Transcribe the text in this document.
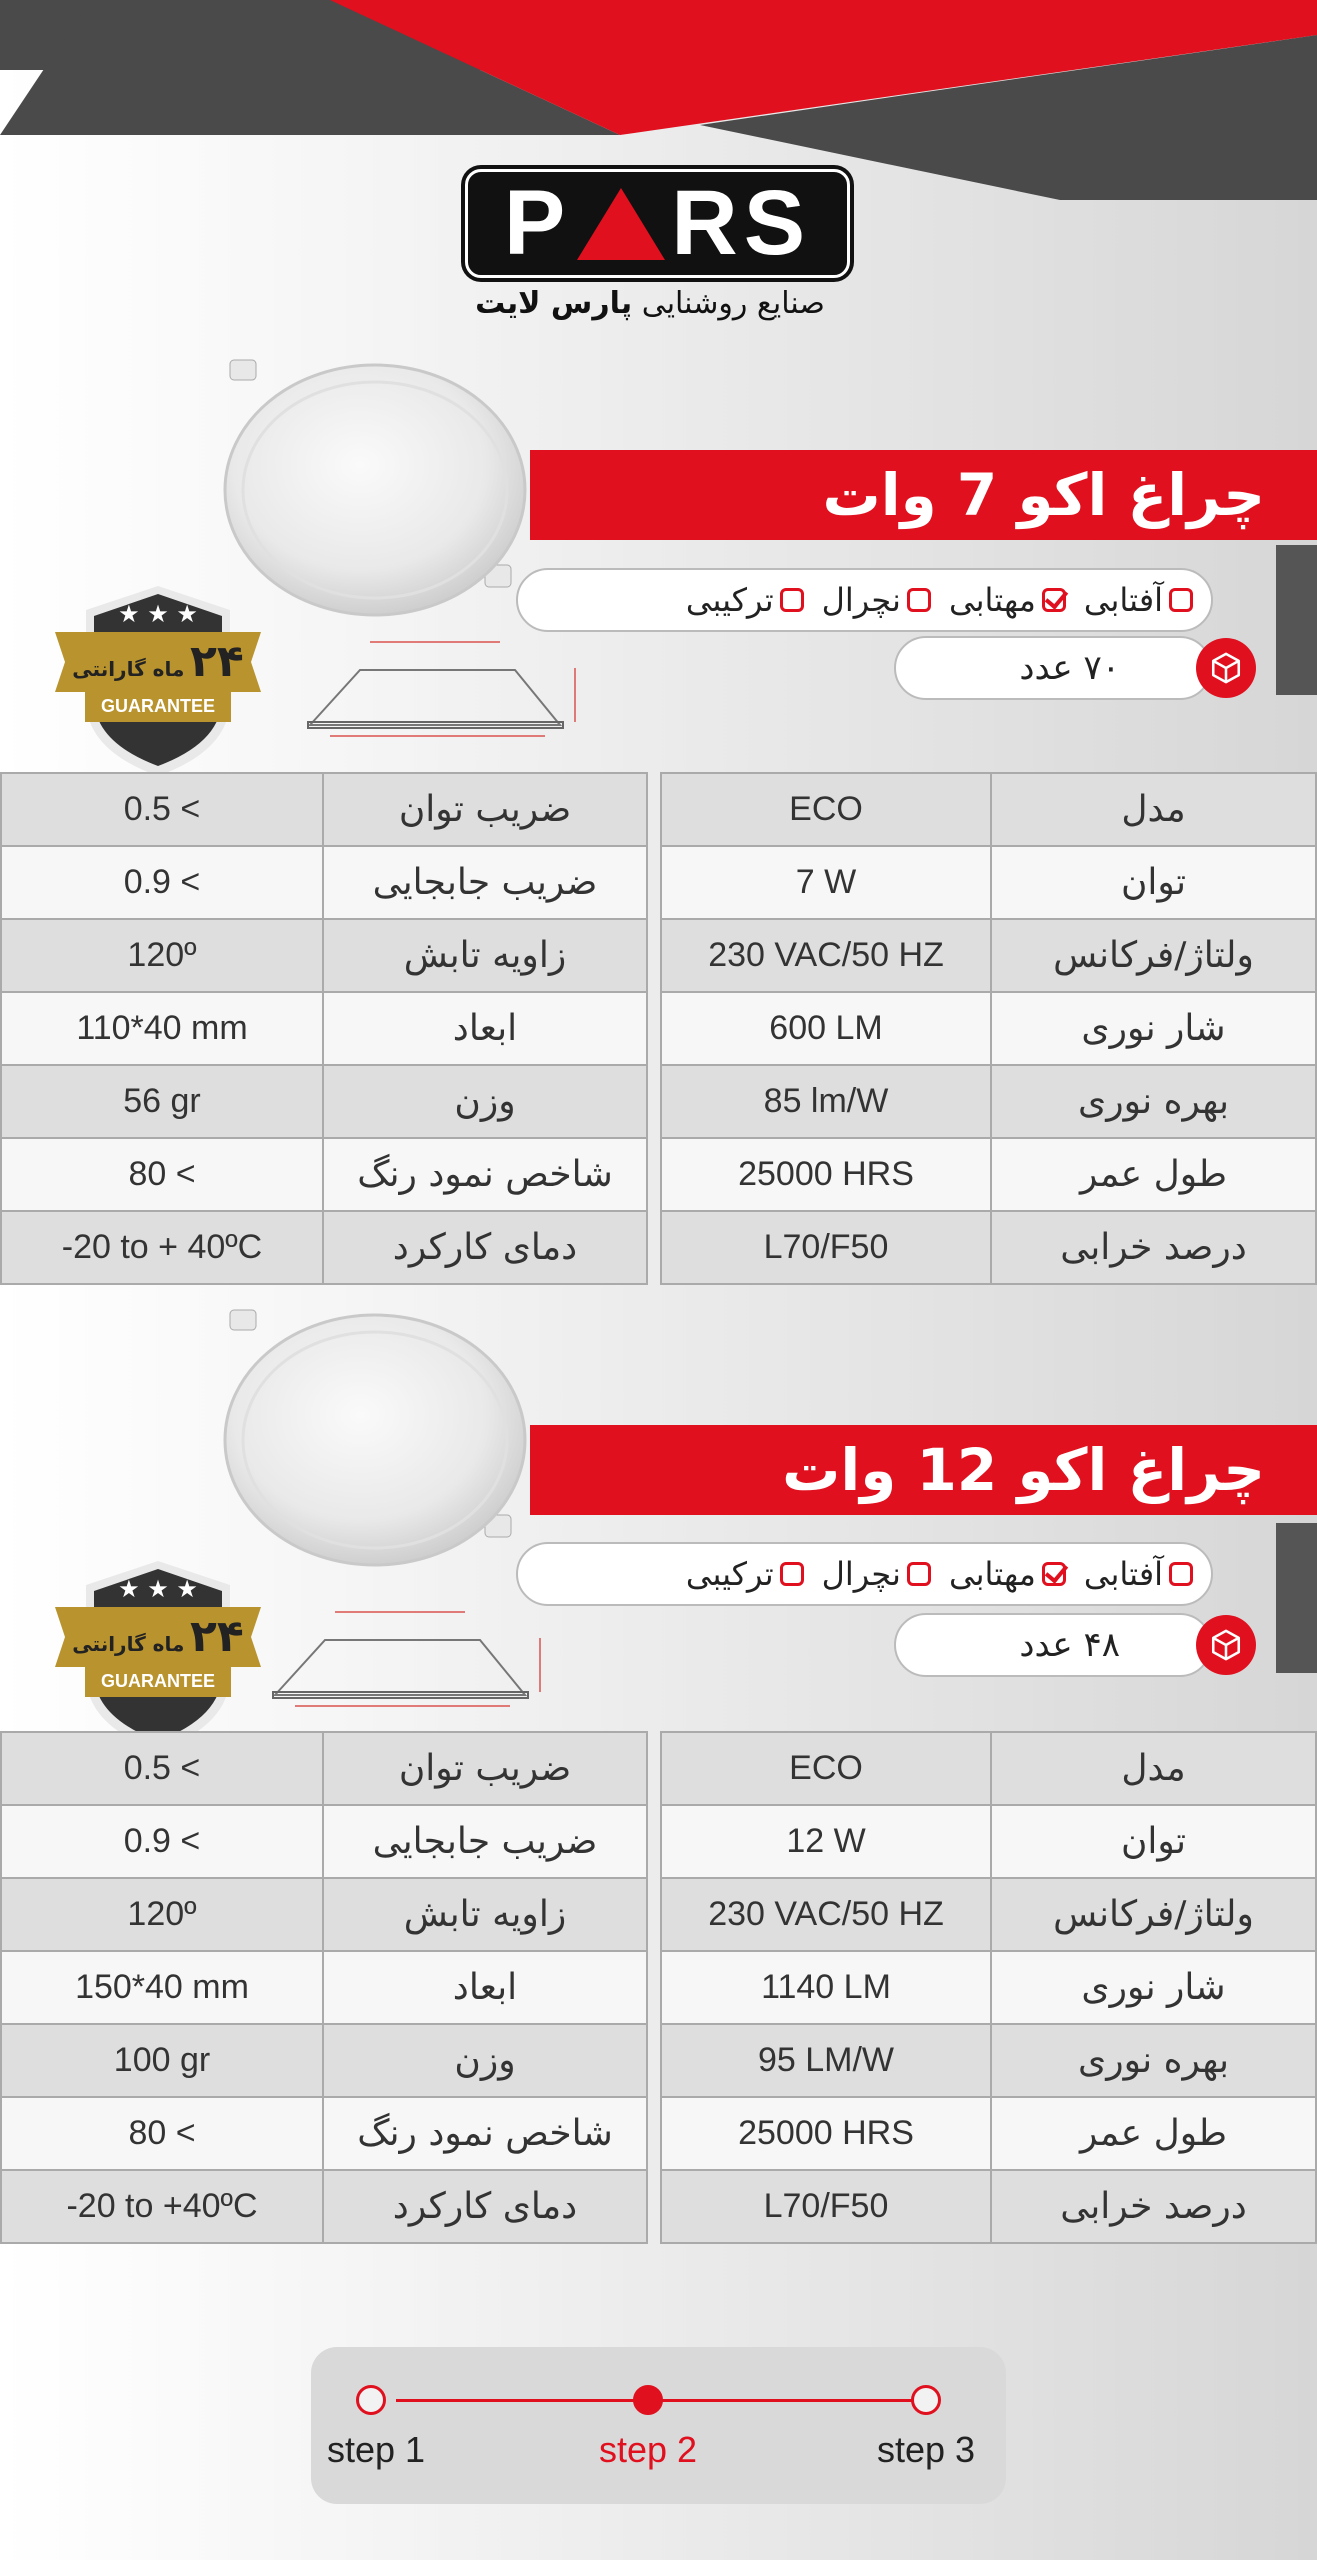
P RS
صنایع روشنایی پارس لایت
چراغ اکو 7 وات
آفتابی
مهتابی
نچرال
ترکیبی
۷۰ عدد
★ ★ ★
۲۴ ماه گارانتی
GUARANTEE
0.5 <	ضریب توان
0.9 <	ضریب جابجایی
120º	زاویه تابش
110*40 mm	ابعاد
56 gr	وزن
80 <	شاخص نمود رنگ
-20 to + 40ºC	دمای کارکرد
ECO	مدل
7 W	توان
230 VAC/50 HZ	ولتاژ/فرکانس
600 LM	شار نوری
85 lm/W	بهره نوری
25000 HRS	طول عمر
L70/F50	درصد خرابی
چراغ اکو 12 وات
آفتابی
مهتابی
نچرال
ترکیبی
۴۸ عدد
★ ★ ★
۲۴ ماه گارانتی
GUARANTEE
0.5 <	ضریب توان
0.9 <	ضریب جابجایی
120º	زاویه تابش
150*40 mm	ابعاد
100 gr	وزن
80 <	شاخص نمود رنگ
-20 to +40ºC	دمای کارکرد
ECO	مدل
12 W	توان
230 VAC/50 HZ	ولتاژ/فرکانس
1140 LM	شار نوری
95 LM/W	بهره نوری
25000 HRS	طول عمر
L70/F50	درصد خرابی
step 1	step 2	step 3
